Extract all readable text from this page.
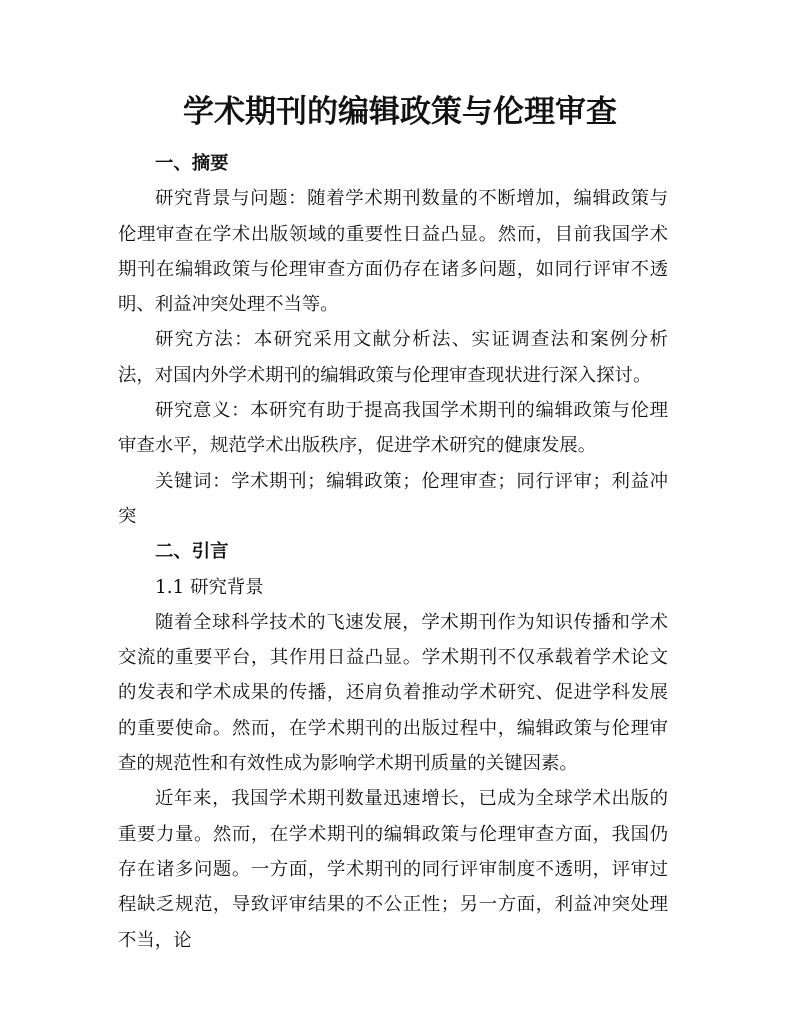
学术期刊的编辑政策与伦理审查

一、摘要

研究背景与问题：随着学术期刊数量的不断增加，编辑政策与伦理审查在学术出版领域的重要性日益凸显。然而，目前我国学术期刊在编辑政策与伦理审查方面仍存在诸多问题，如同行评审不透明、利益冲突处理不当等。

研究方法：本研究采用文献分析法、实证调查法和案例分析法，对国内外学术期刊的编辑政策与伦理审查现状进行深入探讨。

研究意义：本研究有助于提高我国学术期刊的编辑政策与伦理审查水平，规范学术出版秩序，促进学术研究的健康发展。

关键词：学术期刊；编辑政策；伦理审查；同行评审；利益冲突

二、引言

1.1 研究背景

随着全球科学技术的飞速发展，学术期刊作为知识传播和学术交流的重要平台，其作用日益凸显。学术期刊不仅承载着学术论文的发表和学术成果的传播，还肩负着推动学术研究、促进学科发展的重要使命。然而，在学术期刊的出版过程中，编辑政策与伦理审查的规范性和有效性成为影响学术期刊质量的关键因素。

近年来，我国学术期刊数量迅速增长，已成为全球学术出版的重要力量。然而，在学术期刊的编辑政策与伦理审查方面，我国仍存在诸多问题。一方面，学术期刊的同行评审制度不透明，评审过程缺乏规范，导致评审结果的不公正性；另一方面，利益冲突处理不当，论
